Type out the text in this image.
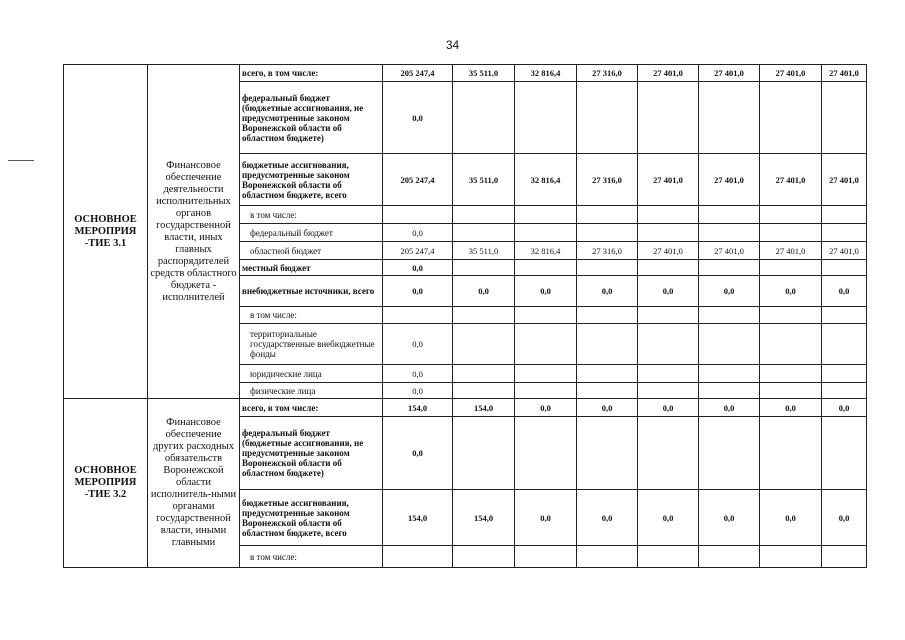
34
ОСНОВНОЕ МЕРОПРИЯ -ТИЕ 3.1	Финансовое обеспечение деятельности исполнительных органов государственной власти, иных главных распорядителей средств областного бюджета - исполнителей	всего, в том числе:	205 247,4	35 511,0	32 816,4	27 316,0	27 401,0	27 401,0	27 401,0	27 401,0	
		федеральный бюджет (бюджетные ассигнования, не предусмотренные законом Воронежской области об областном бюджете)	0,0								
		бюджетные ассигнования, предусмотренные законом Воронежской области об областном бюджете, всего	205 247,4	35 511,0	32 816,4	27 316,0	27 401,0	27 401,0	27 401,0	27 401,0	
		в том числе:									
		федеральный бюджет	0,0								
		областной бюджет	205 247,4	35 511,0	32 816,4	27 316,0	27 401,0	27 401,0	27 401,0	27 401,0	
		местный бюджет	0,0								
		внебюджетные источники, всего	0,0	0,0	0,0	0,0	0,0	0,0	0,0	0,0	
		в том числе:									
		территориальные государственные внебюджетные фонды	0,0								
		юридические лица	0,0								
		физические лица	0,0								
ОСНОВНОЕ МЕРОПРИЯ -ТИЕ 3.2	Финансовое обеспечение других расходных обязательств Воронежской области исполнитель-ными органами государственной власти, иными главными	всего, в том числе:	154,0	154,0	0,0	0,0	0,0	0,0	0,0	0,0	
		федеральный бюджет (бюджетные ассигнования, не предусмотренные законом Воронежской области об областном бюджете)	0,0								
		бюджетные ассигнования, предусмотренные законом Воронежской области об областном бюджете, всего	154,0	154,0	0,0	0,0	0,0	0,0	0,0	0,0	
		в том числе:									
